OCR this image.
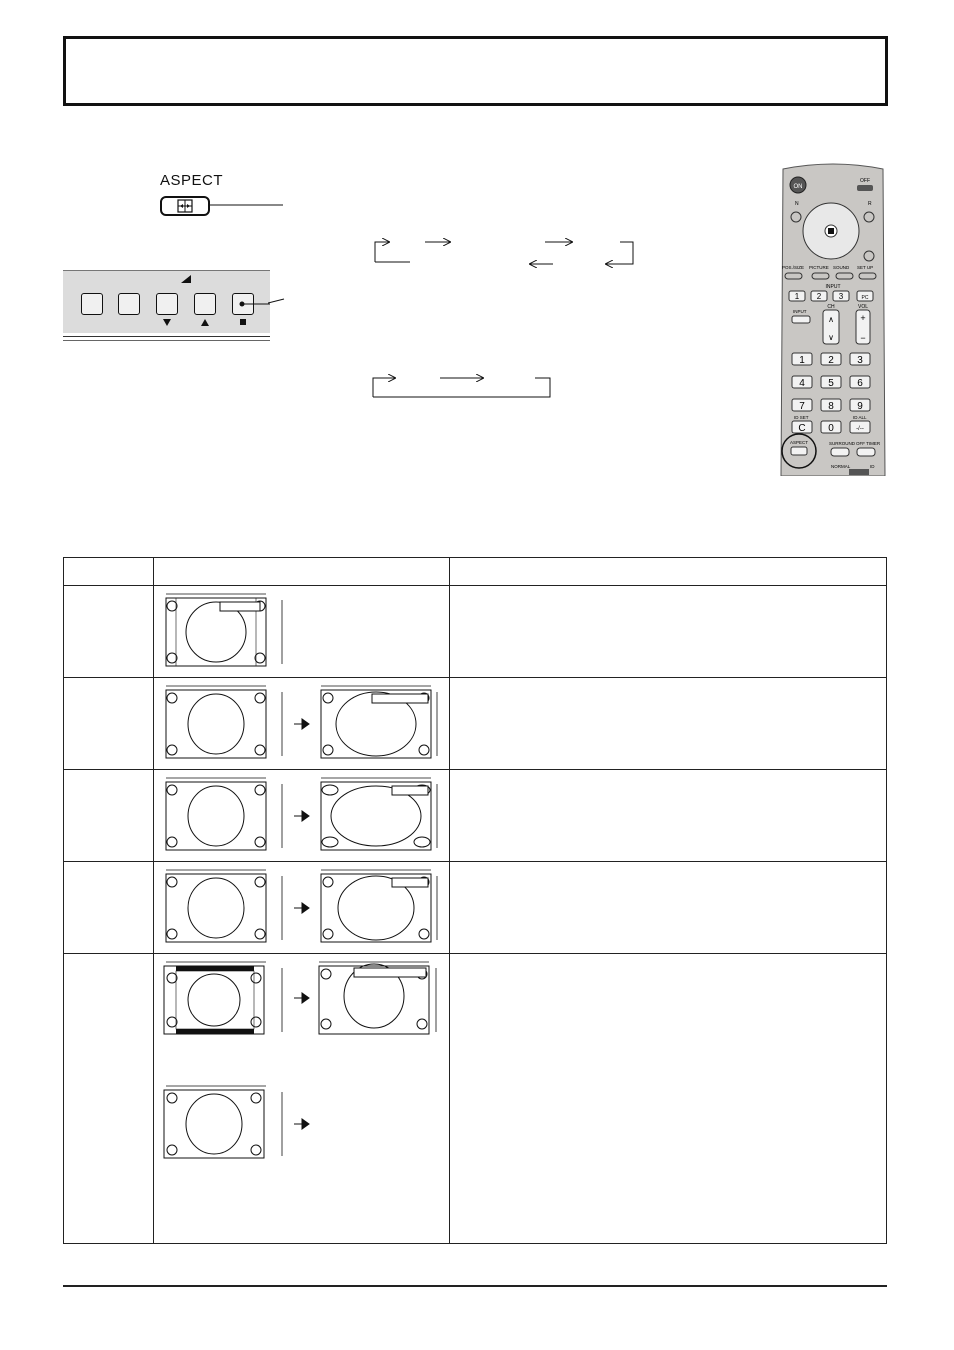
ASPECT	ON
OFF
N	R
POS./SIZE PICTURE SOUND SET UP
INPUT
1 2 3	PC
INPUT
CH
∧
∨
VOL
+
−
1 2 3
4 5 6
7 8 9
ID SET	ID ALL
C 0	-/--
ASPECT	SURROUND OFF TIMER
NORMAL	ID
